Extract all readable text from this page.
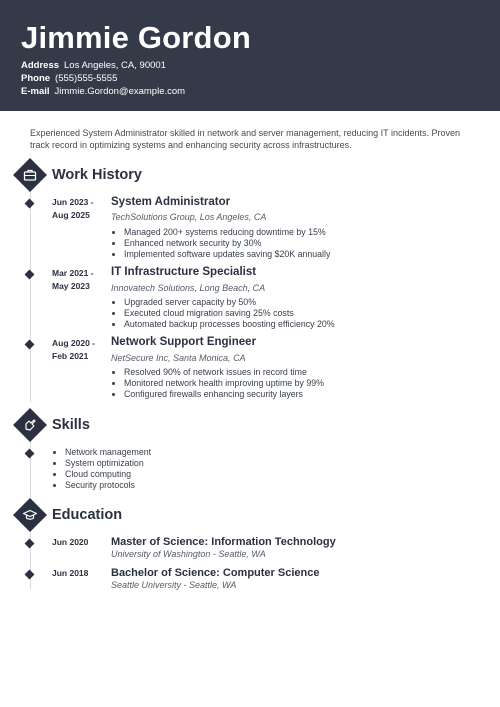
Jimmie Gordon
Address Los Angeles, CA, 90001
Phone (555)555-5555
E-mail Jimmie.Gordon@example.com

Experienced System Administrator skilled in network and server management, reducing IT incidents. Proven track record in optimizing systems and enhancing security across infrastructures.

Work History
Jun 2023 -
Aug 2025
System Administrator
TechSolutions Group, Los Angeles, CA
• Managed 200+ systems reducing downtime by 15%
• Enhanced network security by 30%
• Implemented software updates saving $20K annually
Mar 2021 -
May 2023
IT Infrastructure Specialist
Innovatech Solutions, Long Beach, CA
• Upgraded server capacity by 50%
• Executed cloud migration saving 25% costs
• Automated backup processes boosting efficiency 20%
Aug 2020 -
Feb 2021
Network Support Engineer
NetSecure Inc, Santa Monica, CA
• Resolved 90% of network issues in record time
• Monitored network health improving uptime by 99%
• Configured firewalls enhancing security layers
Skills
• Network management
• System optimization
• Cloud computing
• Security protocols
Education
Jun 2020	Master of Science: Information Technology
University of Washington - Seattle, WA
Jun 2018	Bachelor of Science: Computer Science
Seattle University - Seattle, WA
